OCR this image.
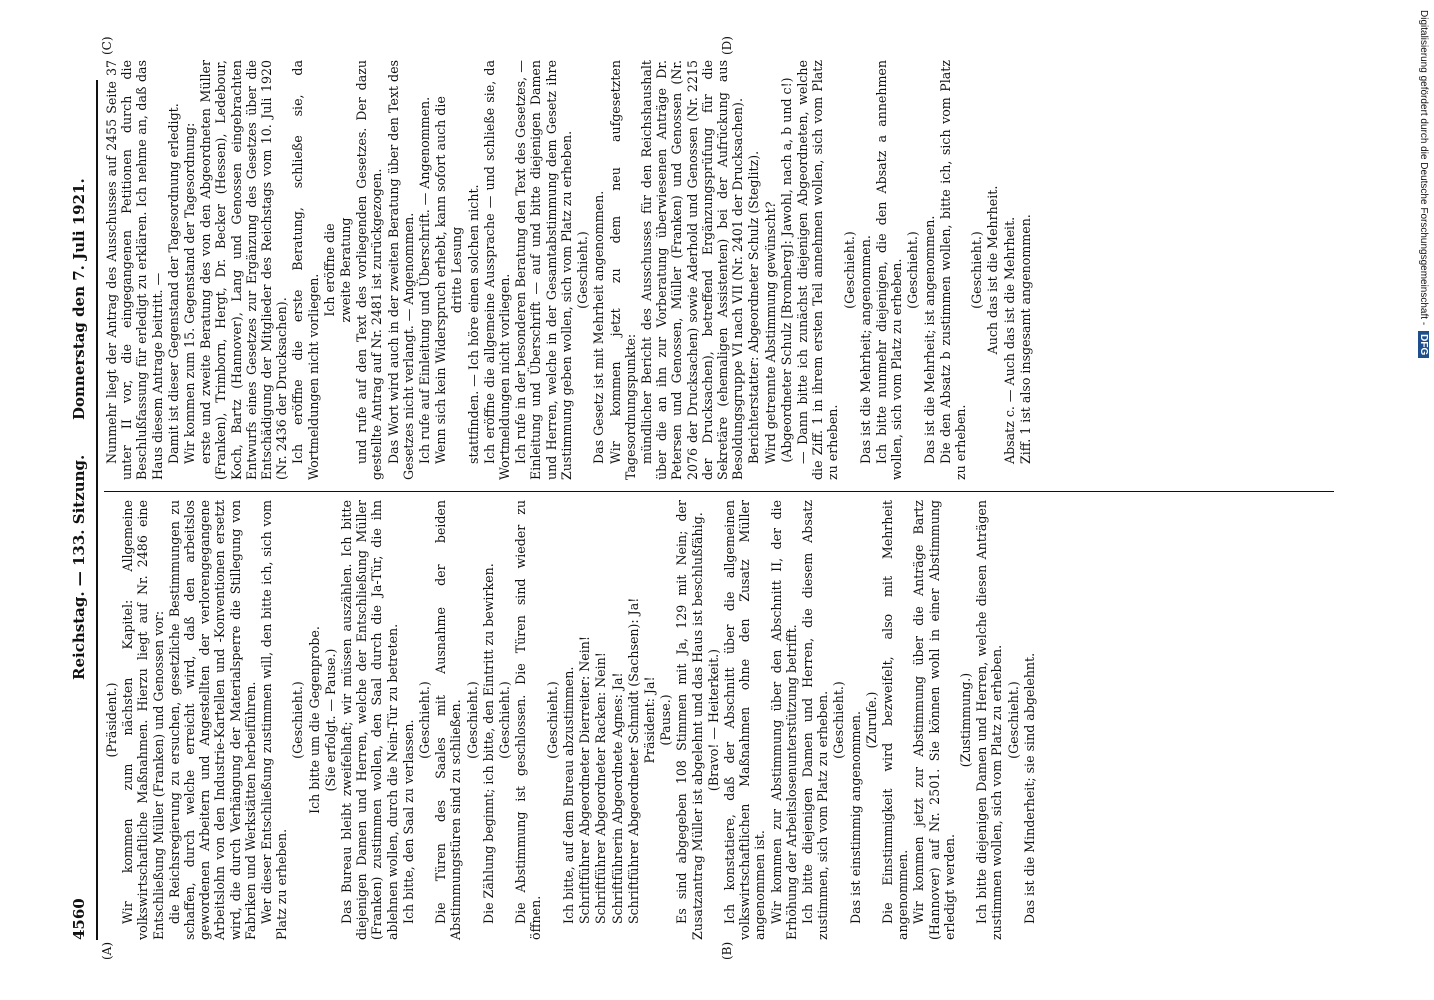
4560
Reichstag. — 133. Sitzung.
Donnerstag den 7. Juli 1921.
(A)	(B)
(C)	(D)

(Präsident.) Wir kommen zum nächsten Kapitel: Allgemeine volkswirtschaftliche Maßnahmen. Hierzu liegt auf Nr. 2486 eine Entschließung Müller (Franken) und Genossen vor: die Reichsregierung zu ersuchen, gesetzliche Bestimmungen zu schaffen, durch welche erreicht wird, daß den arbeitslos gewordenen Arbeitern und Angestellten der verlorengegangene Arbeitslohn von den Industrie-Kartellen und -Konventionen ersetzt wird, die durch Verhängung der Materialsperre die Stillegung von Fabriken und Werkstätten herbeiführen. Wer dieser Entschließung zustimmen will, den bitte ich, sich vom Platz zu erheben.

(Geschieht.) Ich bitte um die Gegenprobe. (Sie erfolgt. — Pause.) Das Bureau bleibt zweifelhaft; wir müssen auszählen. Ich bitte diejenigen Damen und Herren, welche der Entschließung Müller (Franken) zustimmen wollen, den Saal durch die Ja-Tür, die ihn ablehnen wollen, durch die Nein-Tür zu betreten. Ich bitte, den Saal zu verlassen. (Geschieht.) Die Türen des Saales mit Ausnahme der beiden Abstimmungstüren sind zu schließen. (Geschieht.) Die Zählung beginnt; ich bitte, den Eintritt zu bewirken. (Geschieht.) Die Abstimmung ist geschlossen. Die Türen sind wieder zu öffnen.

(Geschieht.) Ich bitte, auf dem Bureau abzustimmen. Schriftführer Abgeordneter Dierreiter: Nein! Schriftführer Abgeordneter Racken: Nein! Schriftführerin Abgeordnete Agnes: Ja! Schriftführer Abgeordneter Schmidt (Sachsen): Ja! Präsident: Ja! (Pause.) Es sind abgegeben 108 Stimmen mit Ja, 129 mit Nein; der Zusatzantrag Müller ist abgelehnt und das Haus ist beschlußfähig. (Bravo! — Heiterkeit.) Ich konstatiere, daß der Abschnitt über die allgemeinen volkswirtschaftlichen Maßnahmen ohne den Zusatz Müller angenommen ist. Wir kommen zur Abstimmung über den Abschnitt II, der die Erhöhung der Arbeitslosenunterstützung betrifft. Ich bitte diejenigen Damen und Herren, die diesem Absatz zustimmen, sich vom Platz zu erheben. (Geschieht.) Das ist einstimmig angenommen. (Zurufe.) Die Einstimmigkeit wird bezweifelt, also mit Mehrheit angenommen. Wir kommen jetzt zur Abstimmung über die Anträge Bartz (Hannover) auf Nr. 2501. Sie können wohl in einer Abstimmung erledigt werden.

(Zustimmung.) Ich bitte diejenigen Damen und Herren, welche diesen Anträgen zustimmen wollen, sich vom Platz zu erheben. (Geschieht.) Das ist die Minderheit; sie sind abgelehnt.

Nunmehr liegt der Antrag des Ausschusses auf 2455 Seite 37 unter II vor, die eingegangenen Petitionen durch die Beschlußfassung für erledigt zu erklären. Ich nehme an, daß das Haus diesem Antrage beitritt. — Damit ist dieser Gegenstand der Tagesordnung erledigt. Wir kommen zum 15. Gegenstand der Tagesordnung: erste und zweite Beratung des von den Abgeordneten Müller (Franken), Trimborn, Hergt, Dr. Becker (Hessen), Ledebour, Koch, Bartz (Hannover), Lang und Genossen eingebrachten Entwurfs eines Gesetzes zur Ergänzung des Gesetzes über die Entschädigung der Mitglieder des Reichstags vom 10. Juli 1920 (Nr. 2436 der Drucksachen). Ich eröffne die erste Beratung, schließe sie, da Wortmeldungen nicht vorliegen.

Ich eröffne die zweite Beratung und rufe auf den Text des vorliegenden Gesetzes. Der dazu gestellte Antrag auf Nr. 2481 ist zurückgezogen. Das Wort wird auch in der zweiten Beratung über den Text des Gesetzes nicht verlangt. — Angenommen. Ich rufe auf Einleitung und Überschrift. — Angenommen. Wenn sich kein Widerspruch erhebt, kann sofort auch die dritte Lesung stattfinden. — Ich höre einen solchen nicht. Ich eröffne die allgemeine Aussprache — und schließe sie, da Wortmeldungen nicht vorliegen. Ich rufe in der besonderen Beratung den Text des Gesetzes, — Einleitung und Überschrift — auf und bitte diejenigen Damen und Herren, welche in der Gesamtabstimmung dem Gesetz ihre Zustimmung geben wollen, sich vom Platz zu erheben. (Geschieht.) Das Gesetz ist mit Mehrheit angenommen. Wir kommen jetzt zu dem neu aufgesetzten Tagesordnungspunkte: mündlicher Bericht des Ausschusses für den Reichshaushalt über die an ihn zur Vorberatung überwiesenen Anträge Dr. Petersen und Genossen, Müller (Franken) und Genossen (Nr. 2076 der Drucksachen) sowie Aderhold und Genossen (Nr. 2215 der Drucksachen), betreffend Ergänzungsprüfung für die Sekretäre (ehemaligen Assistenten) bei der Aufrückung aus Besoldungsgruppe VI nach VII (Nr. 2401 der Drucksachen). Berichterstatter: Abgeordneter Schulz (Steglitz). Wird getrennte Abstimmung gewünscht? (Abgeordneter Schulz [Bromberg]: Jawohl, nach a, b und c!) — Dann bitte ich zunächst diejenigen Abgeordneten, welche die Ziff. 1 in ihrem ersten Teil annehmen wollen, sich vom Platz zu erheben.

(Geschieht.) Das ist die Mehrheit; angenommen. Ich bitte nunmehr diejenigen, die den Absatz a annehmen wollen, sich vom Platz zu erheben. (Geschieht.) Das ist die Mehrheit; ist angenommen. Die den Absatz b zustimmen wollen, bitte ich, sich vom Platz zu erheben.

(Geschieht.) Auch das ist die Mehrheit. Absatz c. — Auch das ist die Mehrheit. Ziff. 1 ist also insgesamt angenommen.

Digitalisierung gefördert durch die Deutsche Forschungsgemeinschaft -DFG
